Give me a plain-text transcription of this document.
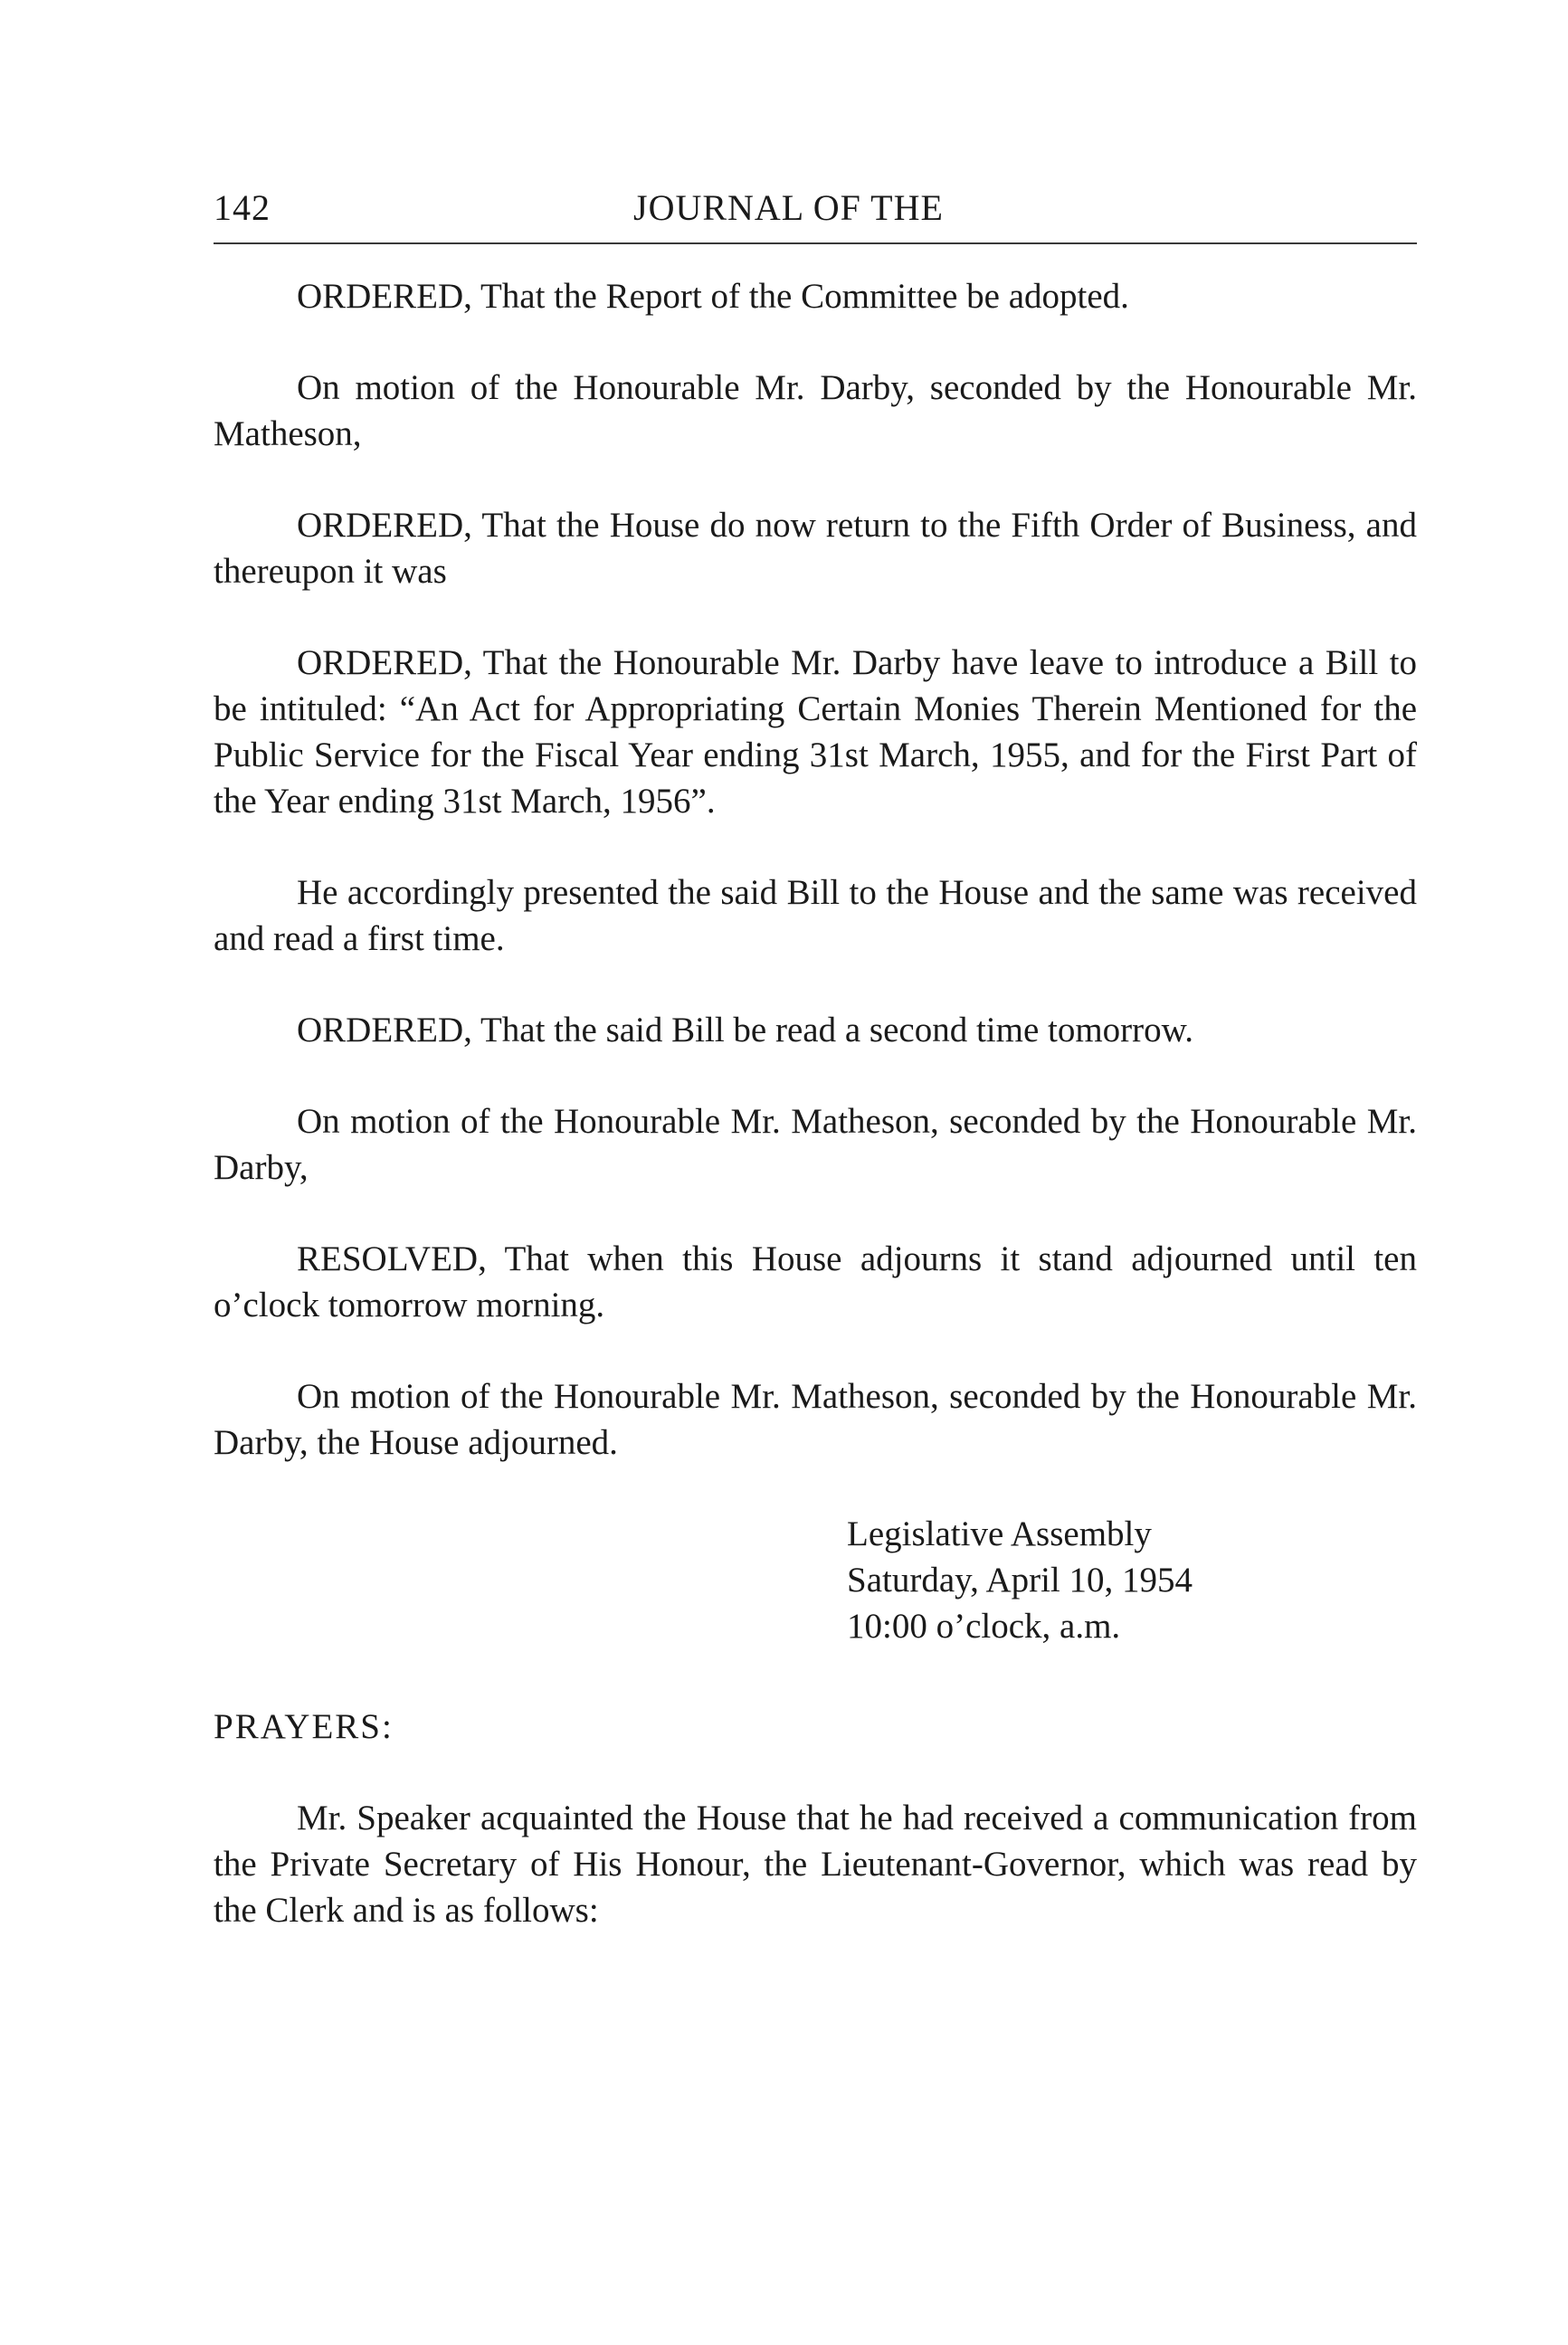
142	JOURNAL OF THE

ORDERED, That the Report of the Committee be adopted.

On motion of the Honourable Mr. Darby, seconded by the Honourable Mr. Matheson,

ORDERED, That the House do now return to the Fifth Order of Business, and thereupon it was

ORDERED, That the Honourable Mr. Darby have leave to introduce a Bill to be intituled: “An Act for Appropriating Certain Monies Therein Mentioned for the Public Service for the Fiscal Year ending 31st March, 1955, and for the First Part of the Year ending 31st March, 1956”.

He accordingly presented the said Bill to the House and the same was received and read a first time.

ORDERED, That the said Bill be read a second time tomorrow.

On motion of the Honourable Mr. Matheson, seconded by the Honourable Mr. Darby,

RESOLVED, That when this House adjourns it stand adjourned until ten o’clock tomorrow morning.

On motion of the Honourable Mr. Matheson, seconded by the Honourable Mr. Darby, the House adjourned.

Legislative Assembly
Saturday, April 10, 1954
10:00 o’clock, a.m.
PRAYERS:

Mr. Speaker acquainted the House that he had received a communication from the Private Secretary of His Honour, the Lieutenant-Governor, which was read by the Clerk and is as follows:
